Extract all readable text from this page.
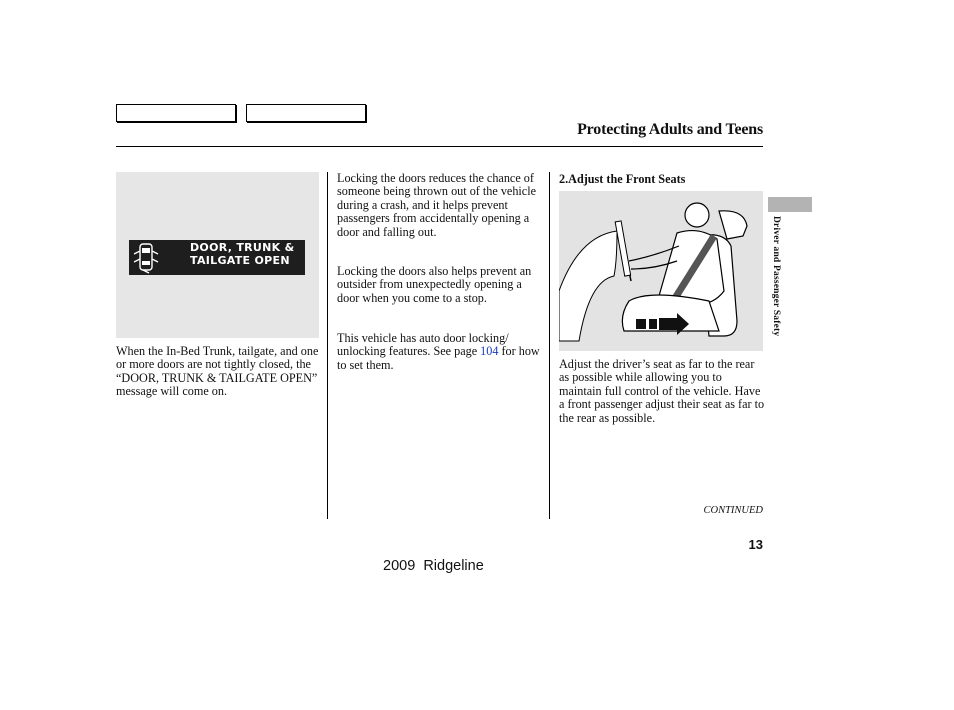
Protecting Adults and Teens
DOOR, TRUNK &
TAILGATE OPEN

When the In-Bed Trunk, tailgate, and one or more doors are not tightly closed, the “DOOR, TRUNK & TAILGATE OPEN” message will come on.

Locking the doors reduces the chance of someone being thrown out of the vehicle during a crash, and it helps prevent passengers from accidentally opening a door and falling out.

Locking the doors also helps prevent an outsider from unexpectedly opening a door when you come to a stop.

This vehicle has auto door locking/ unlocking features. See page 104 for how to set them.

2.Adjust the Front Seats

Adjust the driver’s seat as far to the rear as possible while allowing you to maintain full control of the vehicle. Have a front passenger adjust their seat as far to the rear as possible.

Driver and Passenger Safety
CONTINUED
13
2009  Ridgeline
